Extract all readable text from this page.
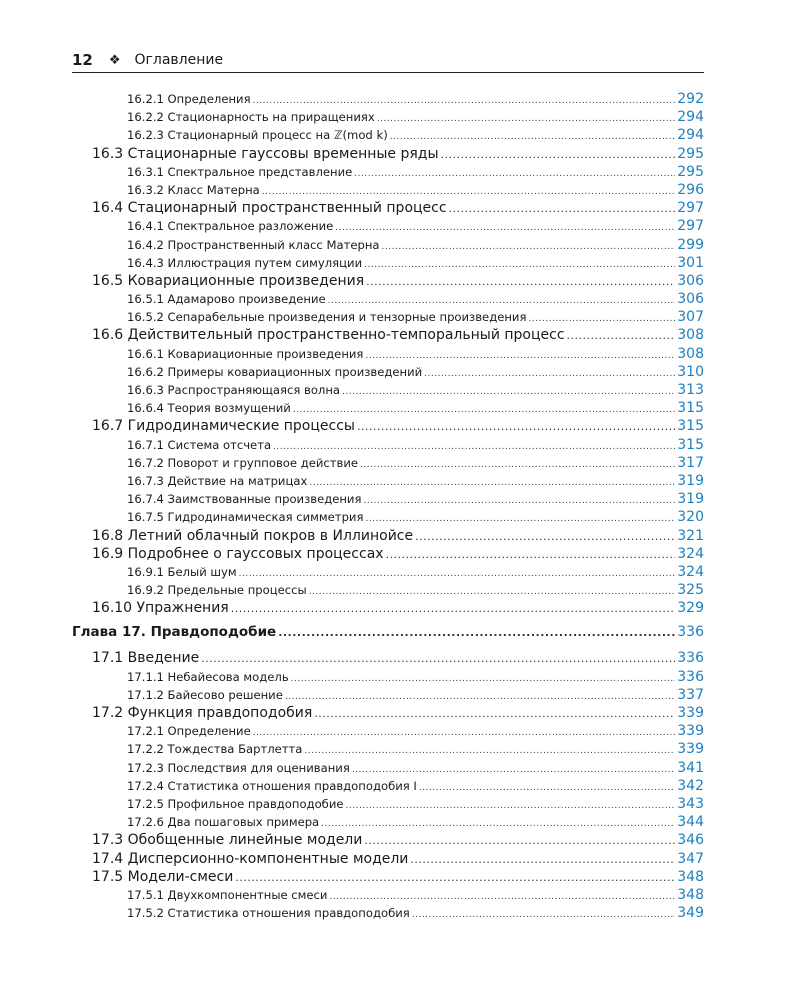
12 ❖ Оглавление
16.2.1 Определения .....	292
16.2.2 Стационарность на приращениях .....	294
16.2.3 Стационарный процесс на ℤ(mod k) .....	294
16.3 Стационарные гауссовы временные ряды .....	295
16.3.1 Спектральное представление .....	295
16.3.2 Класс Матерна .....	296
16.4 Стационарный пространственный процесс .....	297
16.4.1 Спектральное разложение .....	297
16.4.2 Пространственный класс Матерна .....	299
16.4.3 Иллюстрация путем симуляции .....	301
16.5 Ковариационные произведения .....	306
16.5.1 Адамарово произведение .....	306
16.5.2 Сепарабельные произведения и тензорные произведения .....	307
16.6 Действительный пространственно-темпоральный процесс .....	308
16.6.1 Ковариационные произведения .....	308
16.6.2 Примеры ковариационных произведений .....	310
16.6.3 Распространяющаяся волна .....	313
16.6.4 Теория возмущений .....	315
16.7 Гидродинамические процессы .....	315
16.7.1 Система отсчета .....	315
16.7.2 Поворот и групповое действие .....	317
16.7.3 Действие на матрицах .....	319
16.7.4 Заимствованные произведения .....	319
16.7.5 Гидродинамическая симметрия .....	320
16.8 Летний облачный покров в Иллинойсе .....	321
16.9 Подробнее о гауссовых процессах .....	324
16.9.1 Белый шум .....	324
16.9.2 Предельные процессы .....	325
16.10 Упражнения .....	329
Глава 17. Правдоподобие .....	336
17.1 Введение .....	336
17.1.1 Небайесова модель .....	336
17.1.2 Байесово решение .....	337
17.2 Функция правдоподобия .....	339
17.2.1 Определение .....	339
17.2.2 Тождества Бартлетта .....	339
17.2.3 Последствия для оценивания .....	341
17.2.4 Статистика отношения правдоподобия I .....	342
17.2.5 Профильное правдоподобие .....	343
17.2.6 Два пошаговых примера .....	344
17.3 Обобщенные линейные модели .....	346
17.4 Дисперсионно-компонентные модели .....	347
17.5 Модели-смеси .....	348
17.5.1 Двухкомпонентные смеси .....	348
17.5.2 Статистика отношения правдоподобия .....	349
